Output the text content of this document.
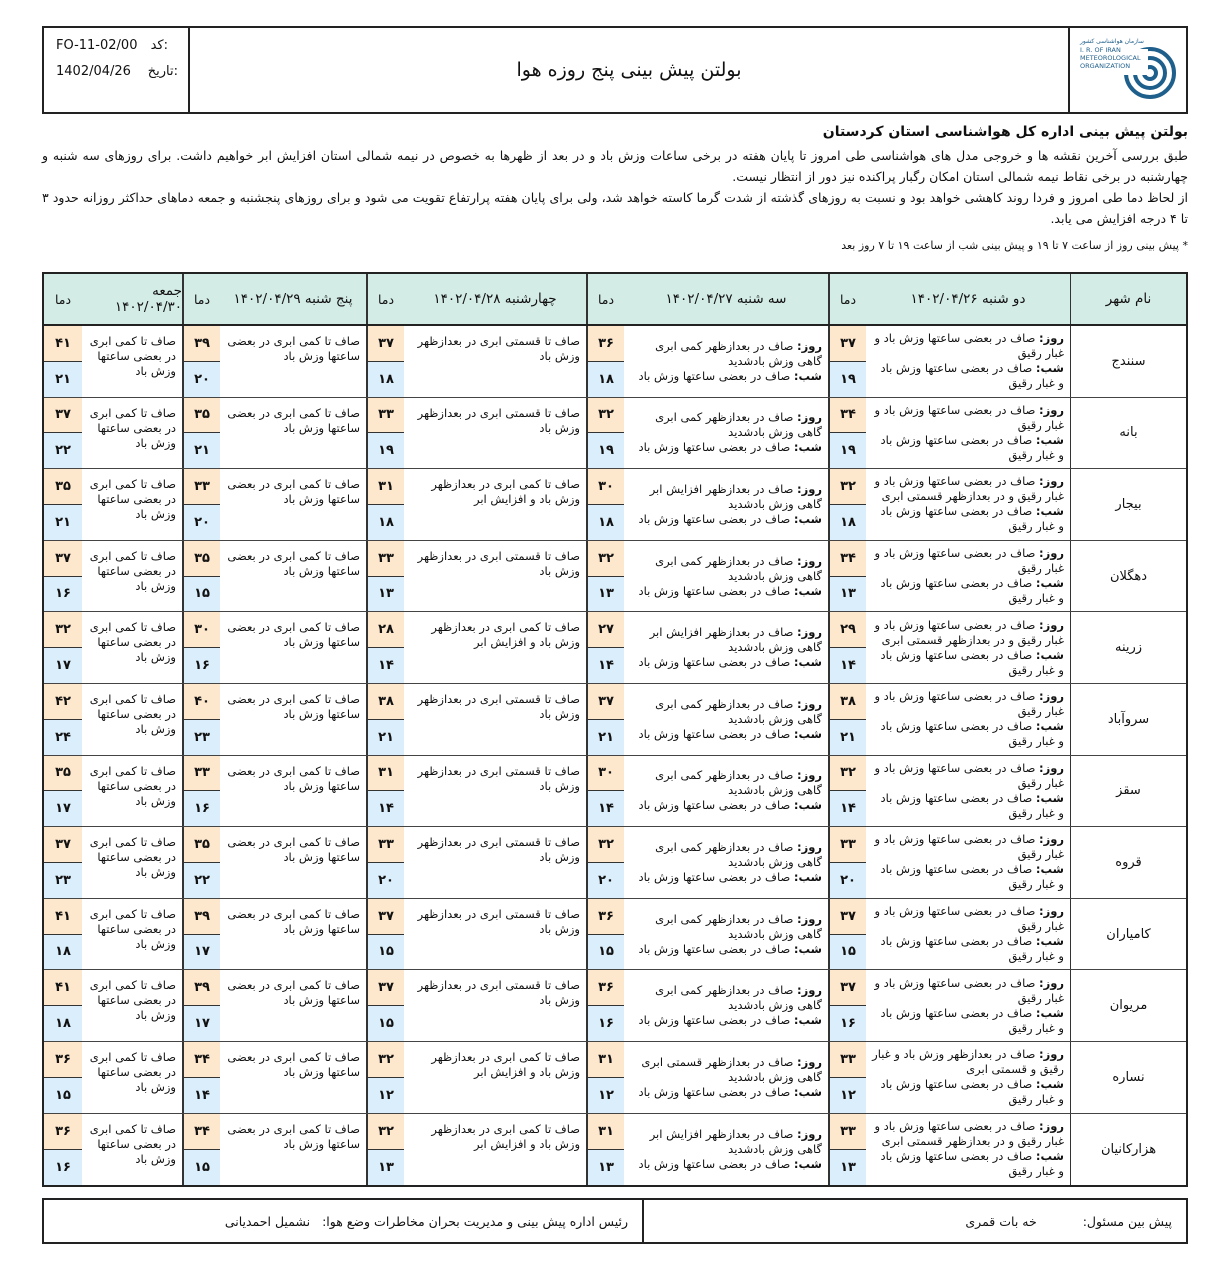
کد:
FO-11-02/00
تاریخ:
1402/04/26	بولتن پیش بینی پنج روزه هوا
سازمان هواشناسی کشور
I. R. OF IRAN
METEOROLOGICAL
ORGANIZATION
بولتن پیش بینی اداره کل هواشناسی استان کردستان

طبق بررسی آخرین نقشه ها و خروجی مدل های هواشناسی طی امروز تا پایان هفته در برخی ساعات وزش باد و در بعد از ظهرها به خصوص در نیمه شمالی استان افزایش ابر خواهیم داشت. برای روزهای سه شنبه و چهارشنبه در برخی نقاط نیمه شمالی استان امکان رگبار پراکنده نیز دور از انتظار نیست.

از لحاظ دما طی امروز و فردا روند کاهشی خواهد بود و نسبت به روزهای گذشته از شدت گرما کاسته خواهد شد، ولی برای پایان هفته پرارتفاع تقویت می شود و برای روزهای پنجشنبه و جمعه دماهای حداکثر روزانه حدود ۳ تا ۴ درجه افزایش می یابد.

* پیش بینی روز از ساعت ۷ تا ۱۹ و پیش بینی شب از ساعت ۱۹ تا ۷ روز بعد

نام شهر
دو شنبه ۱۴۰۲/۰۴/۲۶
دما
سه شنبه ۱۴۰۲/۰۴/۲۷
دما
چهارشنبه ۱۴۰۲/۰۴/۲۸
دما
پنج شنبه ۱۴۰۲/۰۴/۲۹
دما
جمعه ۱۴۰۲/۰۴/۳۰
دما
سنندج
روز: صاف در بعضی ساعتها وزش باد و غبار رقیق
شب: صاف در بعضی ساعتها وزش باد و غبار رقیق
۳۷
۱۹
روز: صاف در بعدازظهر کمی ابری گاهی وزش بادشدید
شب: صاف در بعضی ساعتها وزش باد
۳۶
۱۸
صاف تا قسمتی ابری در بعدازظهر وزش باد
۳۷
۱۸
صاف تا کمی ابری در بعضی ساعتها وزش باد
۳۹
۲۰
صاف تا کمی ابری در بعضی ساعتها وزش باد
۴۱
۲۱
بانه
روز: صاف در بعضی ساعتها وزش باد و غبار رقیق
شب: صاف در بعضی ساعتها وزش باد و غبار رقیق
۳۴
۱۹
روز: صاف در بعدازظهر کمی ابری گاهی وزش بادشدید
شب: صاف در بعضی ساعتها وزش باد
۳۲
۱۹
صاف تا قسمتی ابری در بعدازظهر وزش باد
۳۳
۱۹
صاف تا کمی ابری در بعضی ساعتها وزش باد
۳۵
۲۱
صاف تا کمی ابری در بعضی ساعتها وزش باد
۳۷
۲۲
بیجار
روز: صاف در بعضی ساعتها وزش باد و غبار رقیق و در بعدازظهر قسمتی ابری
شب: صاف در بعضی ساعتها وزش باد و غبار رقیق
۳۲
۱۸
روز: صاف در بعدازظهر افزایش ابر گاهی وزش بادشدید
شب: صاف در بعضی ساعتها وزش باد
۳۰
۱۸
صاف تا کمی ابری در بعدازظهر وزش باد و افزایش ابر
۳۱
۱۸
صاف تا کمی ابری در بعضی ساعتها وزش باد
۳۳
۲۰
صاف تا کمی ابری در بعضی ساعتها وزش باد
۳۵
۲۱
دهگلان
روز: صاف در بعضی ساعتها وزش باد و غبار رقیق
شب: صاف در بعضی ساعتها وزش باد و غبار رقیق
۳۴
۱۳
روز: صاف در بعدازظهر کمی ابری گاهی وزش بادشدید
شب: صاف در بعضی ساعتها وزش باد
۳۲
۱۳
صاف تا قسمتی ابری در بعدازظهر وزش باد
۳۳
۱۳
صاف تا کمی ابری در بعضی ساعتها وزش باد
۳۵
۱۵
صاف تا کمی ابری در بعضی ساعتها وزش باد
۳۷
۱۶
زرینه
روز: صاف در بعضی ساعتها وزش باد و غبار رقیق و در بعدازظهر قسمتی ابری
شب: صاف در بعضی ساعتها وزش باد و غبار رقیق
۲۹
۱۴
روز: صاف در بعدازظهر افزایش ابر گاهی وزش بادشدید
شب: صاف در بعضی ساعتها وزش باد
۲۷
۱۴
صاف تا کمی ابری در بعدازظهر وزش باد و افزایش ابر
۲۸
۱۴
صاف تا کمی ابری در بعضی ساعتها وزش باد
۳۰
۱۶
صاف تا کمی ابری در بعضی ساعتها وزش باد
۳۲
۱۷
سروآباد
روز: صاف در بعضی ساعتها وزش باد و غبار رقیق
شب: صاف در بعضی ساعتها وزش باد و غبار رقیق
۳۸
۲۱
روز: صاف در بعدازظهر کمی ابری گاهی وزش بادشدید
شب: صاف در بعضی ساعتها وزش باد
۳۷
۲۱
صاف تا قسمتی ابری در بعدازظهر وزش باد
۳۸
۲۱
صاف تا کمی ابری در بعضی ساعتها وزش باد
۴۰
۲۳
صاف تا کمی ابری در بعضی ساعتها وزش باد
۴۲
۲۴
سقز
روز: صاف در بعضی ساعتها وزش باد و غبار رقیق
شب: صاف در بعضی ساعتها وزش باد و غبار رقیق
۳۲
۱۴
روز: صاف در بعدازظهر کمی ابری گاهی وزش بادشدید
شب: صاف در بعضی ساعتها وزش باد
۳۰
۱۴
صاف تا قسمتی ابری در بعدازظهر وزش باد
۳۱
۱۴
صاف تا کمی ابری در بعضی ساعتها وزش باد
۳۳
۱۶
صاف تا کمی ابری در بعضی ساعتها وزش باد
۳۵
۱۷
قروه
روز: صاف در بعضی ساعتها وزش باد و غبار رقیق
شب: صاف در بعضی ساعتها وزش باد و غبار رقیق
۳۳
۲۰
روز: صاف در بعدازظهر کمی ابری گاهی وزش بادشدید
شب: صاف در بعضی ساعتها وزش باد
۳۲
۲۰
صاف تا قسمتی ابری در بعدازظهر وزش باد
۳۳
۲۰
صاف تا کمی ابری در بعضی ساعتها وزش باد
۳۵
۲۲
صاف تا کمی ابری در بعضی ساعتها وزش باد
۳۷
۲۳
کامیاران
روز: صاف در بعضی ساعتها وزش باد و غبار رقیق
شب: صاف در بعضی ساعتها وزش باد و غبار رقیق
۳۷
۱۵
روز: صاف در بعدازظهر کمی ابری گاهی وزش بادشدید
شب: صاف در بعضی ساعتها وزش باد
۳۶
۱۵
صاف تا قسمتی ابری در بعدازظهر وزش باد
۳۷
۱۵
صاف تا کمی ابری در بعضی ساعتها وزش باد
۳۹
۱۷
صاف تا کمی ابری در بعضی ساعتها وزش باد
۴۱
۱۸
مریوان
روز: صاف در بعضی ساعتها وزش باد و غبار رقیق
شب: صاف در بعضی ساعتها وزش باد و غبار رقیق
۳۷
۱۶
روز: صاف در بعدازظهر کمی ابری گاهی وزش بادشدید
شب: صاف در بعضی ساعتها وزش باد
۳۶
۱۶
صاف تا قسمتی ابری در بعدازظهر وزش باد
۳۷
۱۵
صاف تا کمی ابری در بعضی ساعتها وزش باد
۳۹
۱۷
صاف تا کمی ابری در بعضی ساعتها وزش باد
۴۱
۱۸
نساره
روز: صاف در بعدازظهر وزش باد و غبار رقیق و قسمتی ابری
شب: صاف در بعضی ساعتها وزش باد و غبار رقیق
۳۳
۱۲
روز: صاف در بعدازظهر قسمتی ابری گاهی وزش بادشدید
شب: صاف در بعضی ساعتها وزش باد
۳۱
۱۲
صاف تا کمی ابری در بعدازظهر وزش باد و افزایش ابر
۳۲
۱۲
صاف تا کمی ابری در بعضی ساعتها وزش باد
۳۴
۱۴
صاف تا کمی ابری در بعضی ساعتها وزش باد
۳۶
۱۵
هزارکانیان
روز: صاف در بعضی ساعتها وزش باد و غبار رقیق و در بعدازظهر قسمتی ابری
شب: صاف در بعضی ساعتها وزش باد و غبار رقیق
۳۳
۱۳
روز: صاف در بعدازظهر افزایش ابر گاهی وزش بادشدید
شب: صاف در بعضی ساعتها وزش باد
۳۱
۱۳
صاف تا کمی ابری در بعدازظهر وزش باد و افزایش ابر
۳۲
۱۳
صاف تا کمی ابری در بعضی ساعتها وزش باد
۳۴
۱۵
صاف تا کمی ابری در بعضی ساعتها وزش باد
۳۶
۱۶
پیش بین مسئول:
خه بات قمری
رئیس اداره پیش بینی و مدیریت بحران مخاطرات وضع هوا:
نشمیل احمدیانی
